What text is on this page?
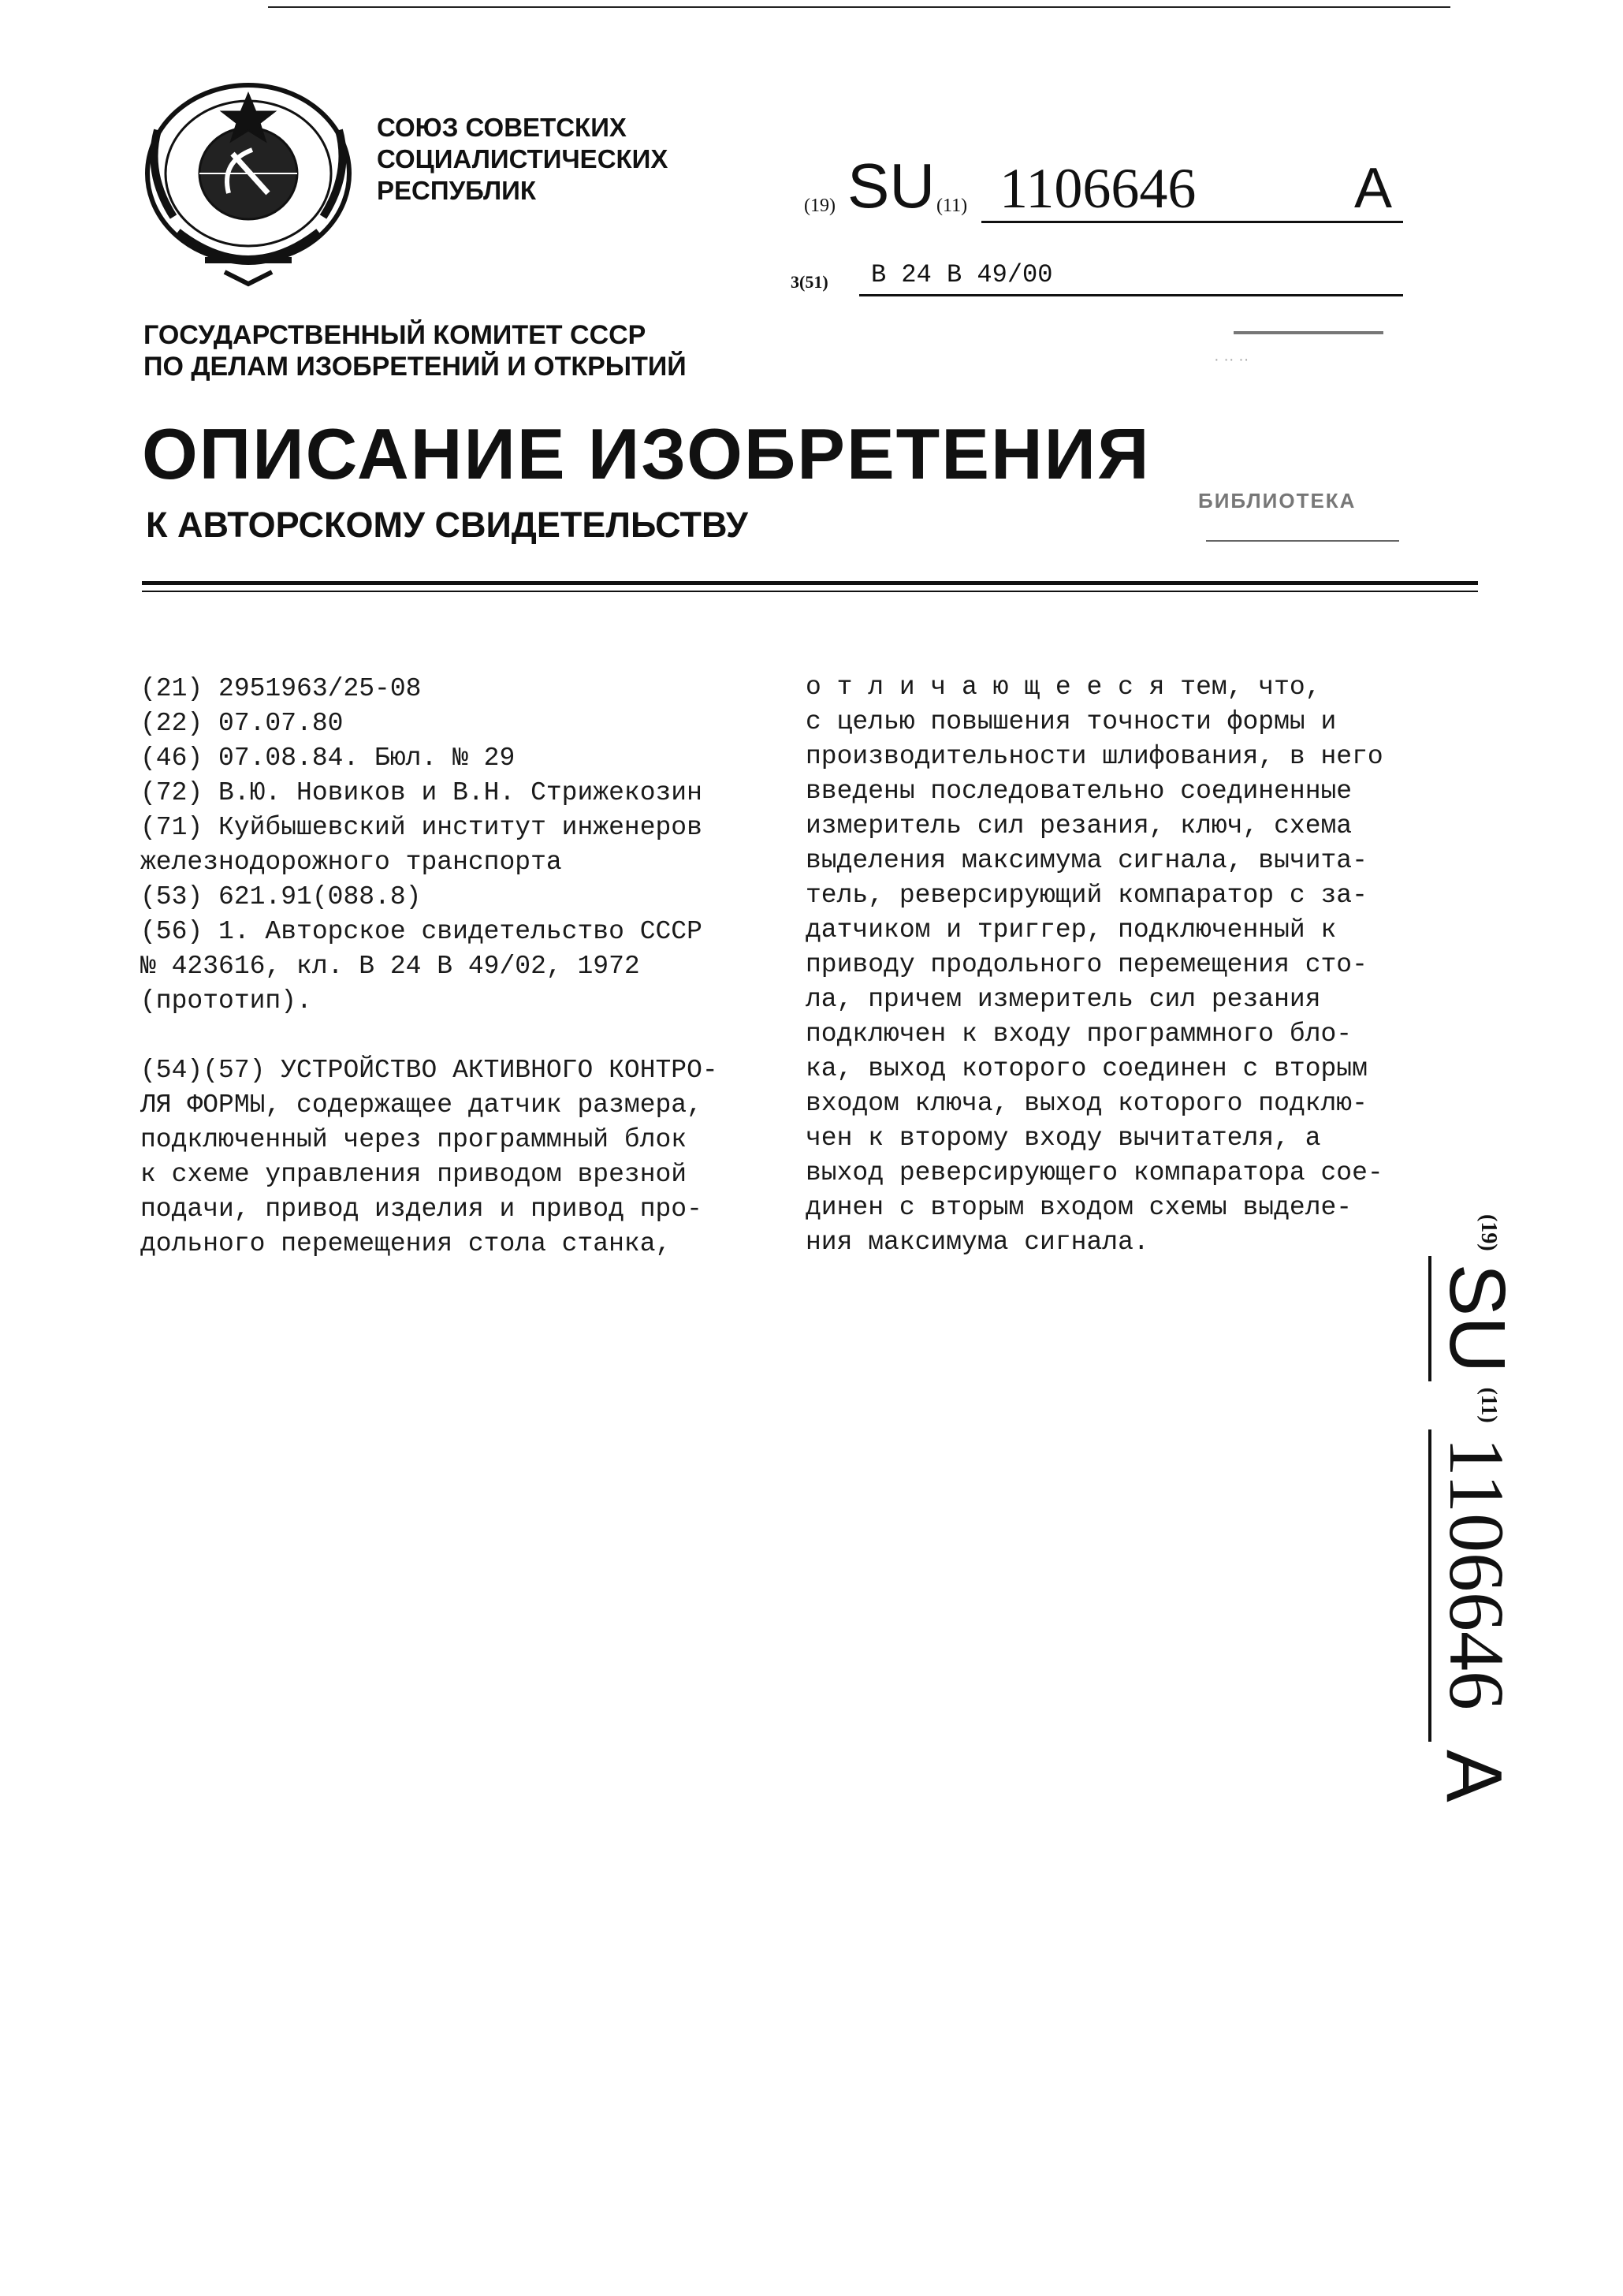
СОЮЗ СОВЕТСКИХ
СОЦИАЛИСТИЧЕСКИХ
РЕСПУБЛИК
ГОСУДАРСТВЕННЫЙ КОМИТЕТ СССР
ПО ДЕЛАМ ИЗОБРЕТЕНИЙ И ОТКРЫТИЙ
ОПИСАНИЕ ИЗОБРЕТЕНИЯ
К АВТОРСКОМУ СВИДЕТЕЛЬСТВУ
(19) SU (11) 1106646	A
3(51) В 24 В 49/00
· ·· ··
БИБЛИОТЕКА
(21) 2951963/25-08
(22) 07.07.80
(46) 07.08.84. Бюл. № 29
(72) В.Ю. Новиков и В.Н. Стрижекозин
(71) Куйбышевский институт инженеров
железнодорожного транспорта
(53) 621.91(088.8)
(56) 1. Авторское свидетельство СССР
№ 423616, кл. В 24 В 49/02, 1972
(прототип).
(54)(57) УСТРОЙСТВО АКТИВНОГО КОНТРО-
ЛЯ ФОРМЫ, содержащее датчик размера,
подключенный через программный блок
к схеме управления приводом врезной
подачи, привод изделия и привод про-
дольного перемещения стола станка,
о т л и ч а ю щ е е с я тем, что,
с целью повышения точности формы и
производительности шлифования, в него
введены последовательно соединенные
измеритель сил резания, ключ, схема
выделения максимума сигнала, вычита-
тель, реверсирующий компаратор с за-
датчиком и триггер, подключенный к
приводу продольного перемещения сто-
ла, причем измеритель сил резания
подключен к входу программного бло-
ка, выход которого соединен с вторым
входом ключа, выход которого подклю-
чен к второму входу вычитателя, а
выход реверсирующего компаратора сое-
динен с вторым входом схемы выделе-
ния максимума сигнала.	(19)
SU
(11)
1106646
A
